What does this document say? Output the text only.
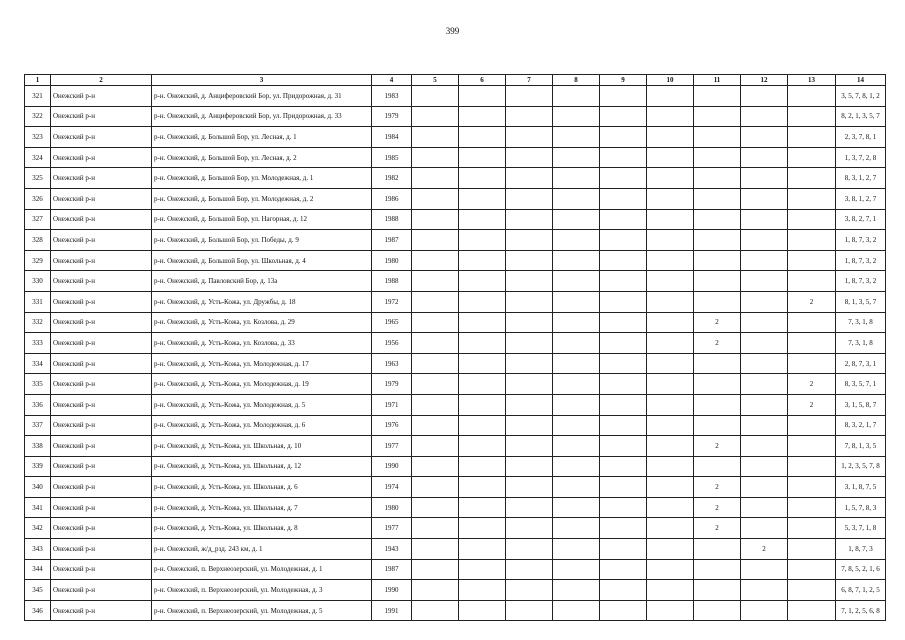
399
1	2	3	4	5	6	7	8	9	10	11	12	13	14
321	Онежский р-н	р-н. Онежский, д. Анциферовский Бор, ул. Придорожная, д. 31	1983										3, 5, 7, 8, 1, 2
322	Онежский р-н	р-н. Онежский, д. Анциферовский Бор, ул. Придорожная, д. 33	1979										8, 2, 1, 3, 5, 7
323	Онежский р-н	р-н. Онежский, д. Большой Бор, ул. Лесная, д. 1	1984										2, 3, 7, 8, 1
324	Онежский р-н	р-н. Онежский, д. Большой Бор, ул. Лесная, д. 2	1985										1, 3, 7, 2, 8
325	Онежский р-н	р-н. Онежский, д. Большой Бор, ул. Молодежная, д. 1	1982										8, 3, 1, 2, 7
326	Онежский р-н	р-н. Онежский, д. Большой Бор, ул. Молодежная, д. 2	1986										3, 8, 1, 2, 7
327	Онежский р-н	р-н. Онежский, д. Большой Бор, ул. Нагорная, д. 12	1988										3, 8, 2, 7, 1
328	Онежский р-н	р-н. Онежский, д. Большой Бор, ул. Победы, д. 9	1987										1, 8, 7, 3, 2
329	Онежский р-н	р-н. Онежский, д. Большой Бор, ул. Школьная, д. 4	1980										1, 8, 7, 3, 2
330	Онежский р-н	р-н. Онежский, д. Павловский Бор, д. 13а	1988										1, 8, 7, 3, 2
331	Онежский р-н	р-н. Онежский, д. Усть-Кожа, ул. Дружбы, д. 18	1972									2	8, 1, 3, 5, 7
332	Онежский р-н	р-н. Онежский, д. Усть-Кожа, ул. Козлова, д. 29	1965							2			7, 3, 1, 8
333	Онежский р-н	р-н. Онежский, д. Усть-Кожа, ул. Козлова, д. 33	1956							2			7, 3, 1, 8
334	Онежский р-н	р-н. Онежский, д. Усть-Кожа, ул. Молодежная, д. 17	1963										2, 8, 7, 3, 1
335	Онежский р-н	р-н. Онежский, д. Усть-Кожа, ул. Молодежная, д. 19	1979									2	8, 3, 5, 7, 1
336	Онежский р-н	р-н. Онежский, д. Усть-Кожа, ул. Молодежная, д. 5	1971									2	3, 1, 5, 8, 7
337	Онежский р-н	р-н. Онежский, д. Усть-Кожа, ул. Молодежная, д. 6	1976										8, 3, 2, 1, 7
338	Онежский р-н	р-н. Онежский, д. Усть-Кожа, ул. Школьная, д. 10	1977							2			7, 8, 1, 3, 5
339	Онежский р-н	р-н. Онежский, д. Усть-Кожа, ул. Школьная, д. 12	1990										1, 2, 3, 5, 7, 8
340	Онежский р-н	р-н. Онежский, д. Усть-Кожа, ул. Школьная, д. 6	1974							2			3, 1, 8, 7, 5
341	Онежский р-н	р-н. Онежский, д. Усть-Кожа, ул. Школьная, д. 7	1980							2			1, 5, 7, 8, 3
342	Онежский р-н	р-н. Онежский, д. Усть-Кожа, ул. Школьная, д. 8	1977							2			5, 3, 7, 1, 8
343	Онежский р-н	р-н. Онежский, ж/д_рзд. 243 км, д. 1	1943								2		1, 8, 7, 3
344	Онежский р-н	р-н. Онежский, п. Верхнеозерский, ул. Молодежная, д. 1	1987										7, 8, 5, 2, 1, 6
345	Онежский р-н	р-н. Онежский, п. Верхнеозерский, ул. Молодежная, д. 3	1990										6, 8, 7, 1, 2, 5
346	Онежский р-н	р-н. Онежский, п. Верхнеозерский, ул. Молодежная, д. 5	1991										7, 1, 2, 5, 6, 8
